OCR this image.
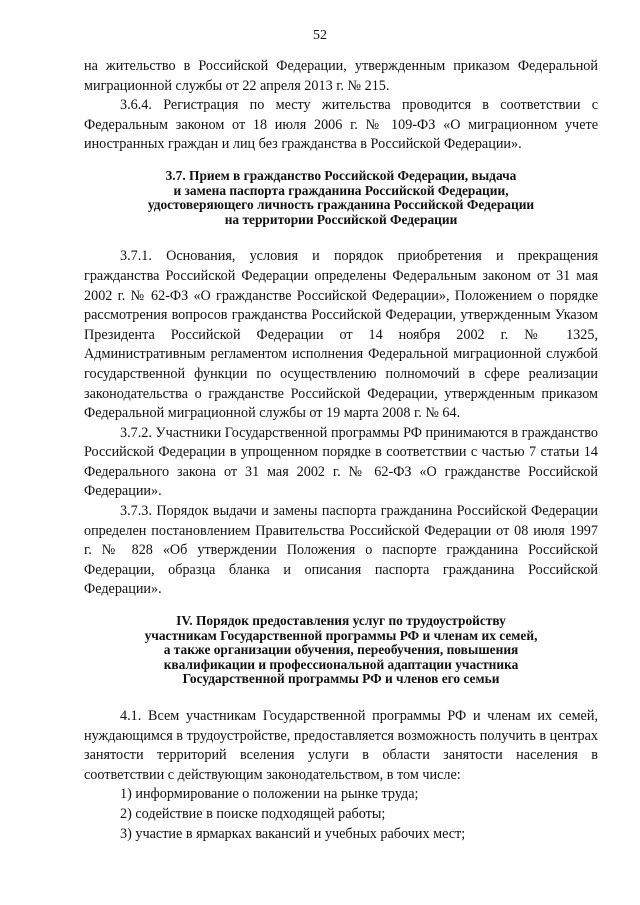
52

на жительство в Российской Федерации, утвержденным приказом Федеральной миграционной службы от 22 апреля 2013 г. № 215.

3.6.4. Регистрация по месту жительства проводится в соответствии с Федеральным законом от 18 июля 2006 г. № 109-ФЗ «О миграционном учете иностранных граждан и лиц без гражданства в Российской Федерации».

3.7. Прием в гражданство Российской Федерации, выдача
и замена паспорта гражданина Российской Федерации,
удостоверяющего личность гражданина Российской Федерации
на территории Российской Федерации

3.7.1. Основания, условия и порядок приобретения и прекращения гражданства Российской Федерации определены Федеральным законом от 31 мая 2002 г. № 62-ФЗ «О гражданстве Российской Федерации», Положением о порядке рассмотрения вопросов гражданства Российской Федерации, утвержденным Указом Президента Российской Федерации от 14 ноября 2002 г. № 1325, Административным регламентом исполнения Федеральной миграционной службой государственной функции по осуществлению полномочий в сфере реализации законодательства о гражданстве Российской Федерации, утвержденным приказом Федеральной миграционной службы от 19 марта 2008 г. № 64.

3.7.2. Участники Государственной программы РФ принимаются в гражданство Российской Федерации в упрощенном порядке в соответствии с частью 7 статьи 14 Федерального закона от 31 мая 2002 г. № 62-ФЗ «О гражданстве Российской Федерации».

3.7.3. Порядок выдачи и замены паспорта гражданина Российской Федерации определен постановлением Правительства Российской Федерации от 08 июля 1997 г. № 828 «Об утверждении Положения о паспорте гражданина Российской Федерации, образца бланка и описания паспорта гражданина Российской Федерации».

IV. Порядок предоставления услуг по трудоустройству
участникам Государственной программы РФ и членам их семей,
а также организации обучения, переобучения, повышения
квалификации и профессиональной адаптации участника
Государственной программы РФ и членов его семьи

4.1. Всем участникам Государственной программы РФ и членам их семей, нуждающимся в трудоустройстве, предоставляется возможность получить в центрах занятости территорий вселения услуги в области занятости населения в соответствии с действующим законодательством, в том числе:

1) информирование о положении на рынке труда;
2) содействие в поиске подходящей работы;
3) участие в ярмарках вакансий и учебных рабочих мест;
